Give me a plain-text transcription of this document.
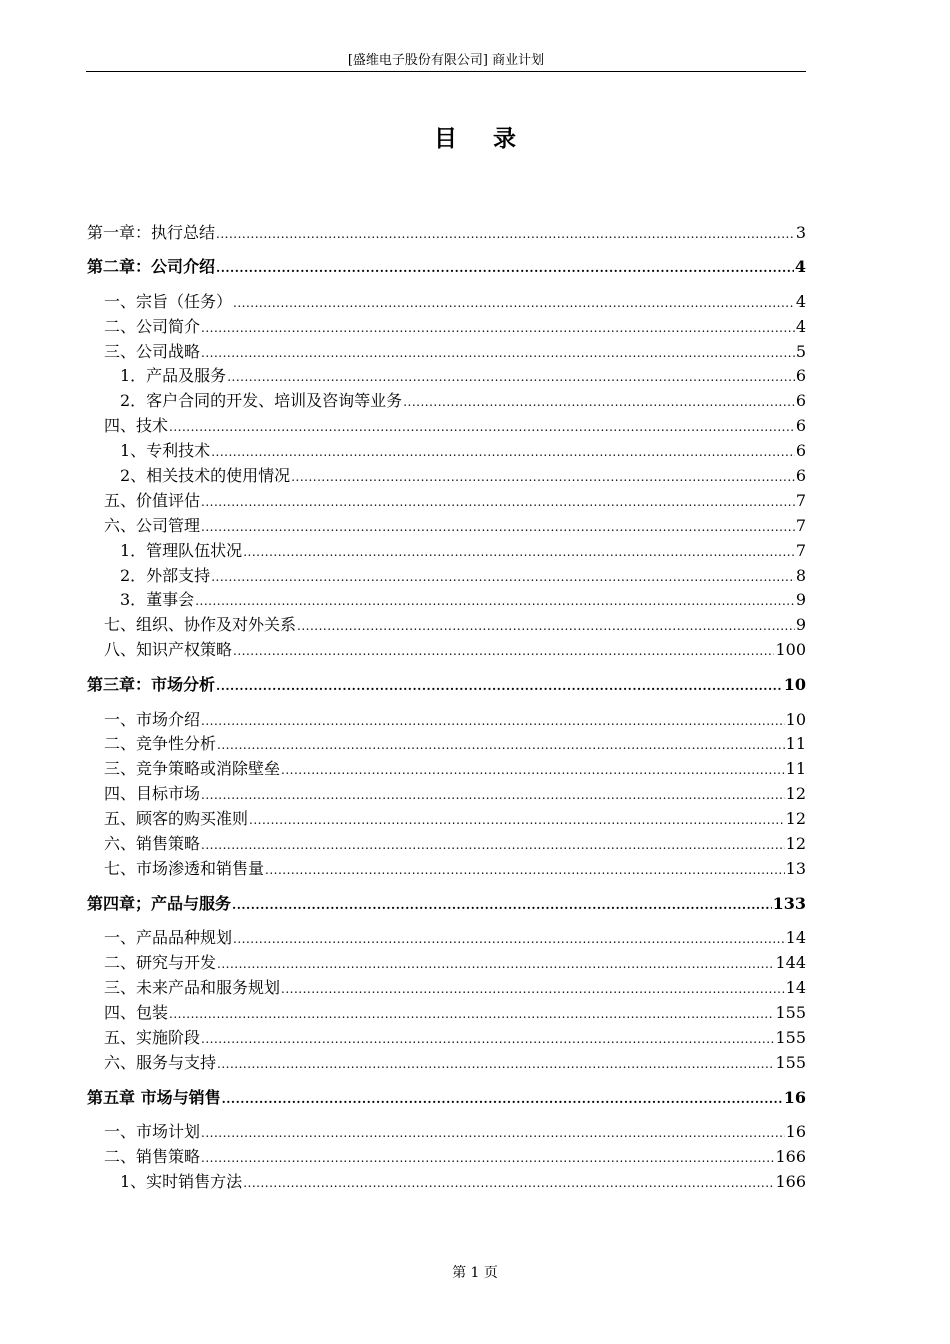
[盛维电子股份有限公司] 商业计划
目 录
第一章：执行总结 .....	3
第二章：公司介绍 .....	4
一、宗旨（任务） .....	4
二、公司简介 .....	4
三、公司战略 .....	5
1．产品及服务 .....	6
2．客户合同的开发、培训及咨询等业务 .....	6
四、技术 .....	6
1、专利技术 .....	6
2、相关技术的使用情况 .....	6
五、价值评估 .....	7
六、公司管理 .....	7
1．管理队伍状况 .....	7
2．外部支持 .....	8
3．董事会 .....	9
七、组织、协作及对外关系 .....	9
八、知识产权策略 .....	100
第三章：市场分析 .....	10
一、市场介绍 .....	10
二、竞争性分析 .....	11
三、竞争策略或消除壁垒 .....	11
四、目标市场 .....	12
五、顾客的购买准则 .....	12
六、销售策略 .....	12
七、市场渗透和销售量 .....	13
第四章；产品与服务 .....	133
一、产品品种规划 .....	14
二、研究与开发 .....	144
三、未来产品和服务规划 .....	14
四、包装 .....	155
五、实施阶段 .....	155
六、服务与支持 .....	155
第五章 市场与销售 .....	16
一、市场计划 .....	16
二、销售策略 .....	166
1、实时销售方法 .....	166
第 1 页
